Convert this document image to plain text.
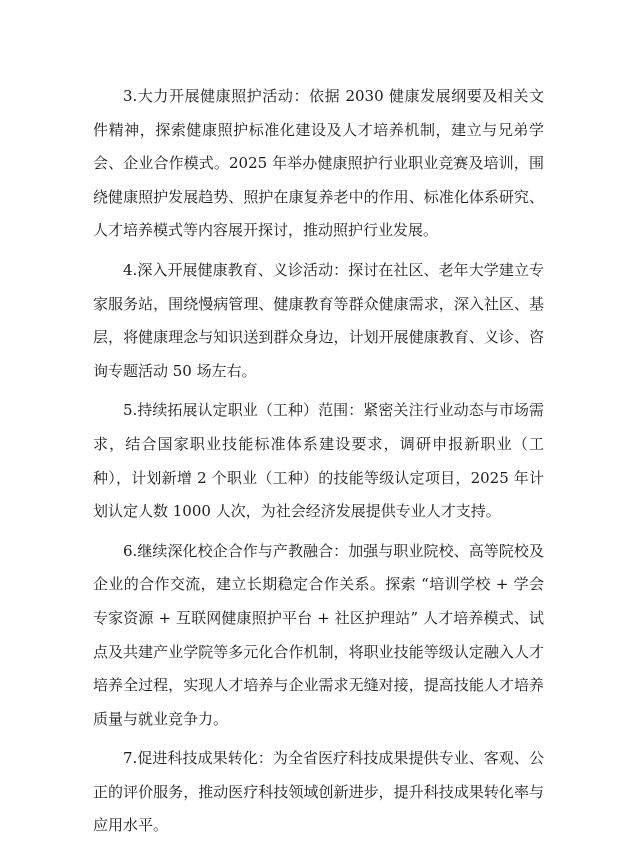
3.大力开展健康照护活动：依据 2030 健康发展纲要及相关文件精神，探索健康照护标准化建设及人才培养机制，建立与兄弟学会、企业合作模式。2025 年举办健康照护行业职业竞赛及培训，围绕健康照护发展趋势、照护在康复养老中的作用、标准化体系研究、人才培养模式等内容展开探讨，推动照护行业发展。

4.深入开展健康教育、义诊活动：探讨在社区、老年大学建立专家服务站，围绕慢病管理、健康教育等群众健康需求，深入社区、基层，将健康理念与知识送到群众身边，计划开展健康教育、义诊、咨询专题活动 50 场左右。

5.持续拓展认定职业（工种）范围：紧密关注行业动态与市场需求，结合国家职业技能标准体系建设要求，调研申报新职业（工种），计划新增 2 个职业（工种）的技能等级认定项目，2025 年计划认定人数 1000 人次，为社会经济发展提供专业人才支持。

6.继续深化校企合作与产教融合：加强与职业院校、高等院校及企业的合作交流，建立长期稳定合作关系。探索 “培训学校 + 学会专家资源 + 互联网健康照护平台 + 社区护理站” 人才培养模式、试点及共建产业学院等多元化合作机制，将职业技能等级认定融入人才培养全过程，实现人才培养与企业需求无缝对接，提高技能人才培养质量与就业竞争力。

7.促进科技成果转化：为全省医疗科技成果提供专业、客观、公正的评价服务，推动医疗科技领域创新进步，提升科技成果转化率与应用水平。
